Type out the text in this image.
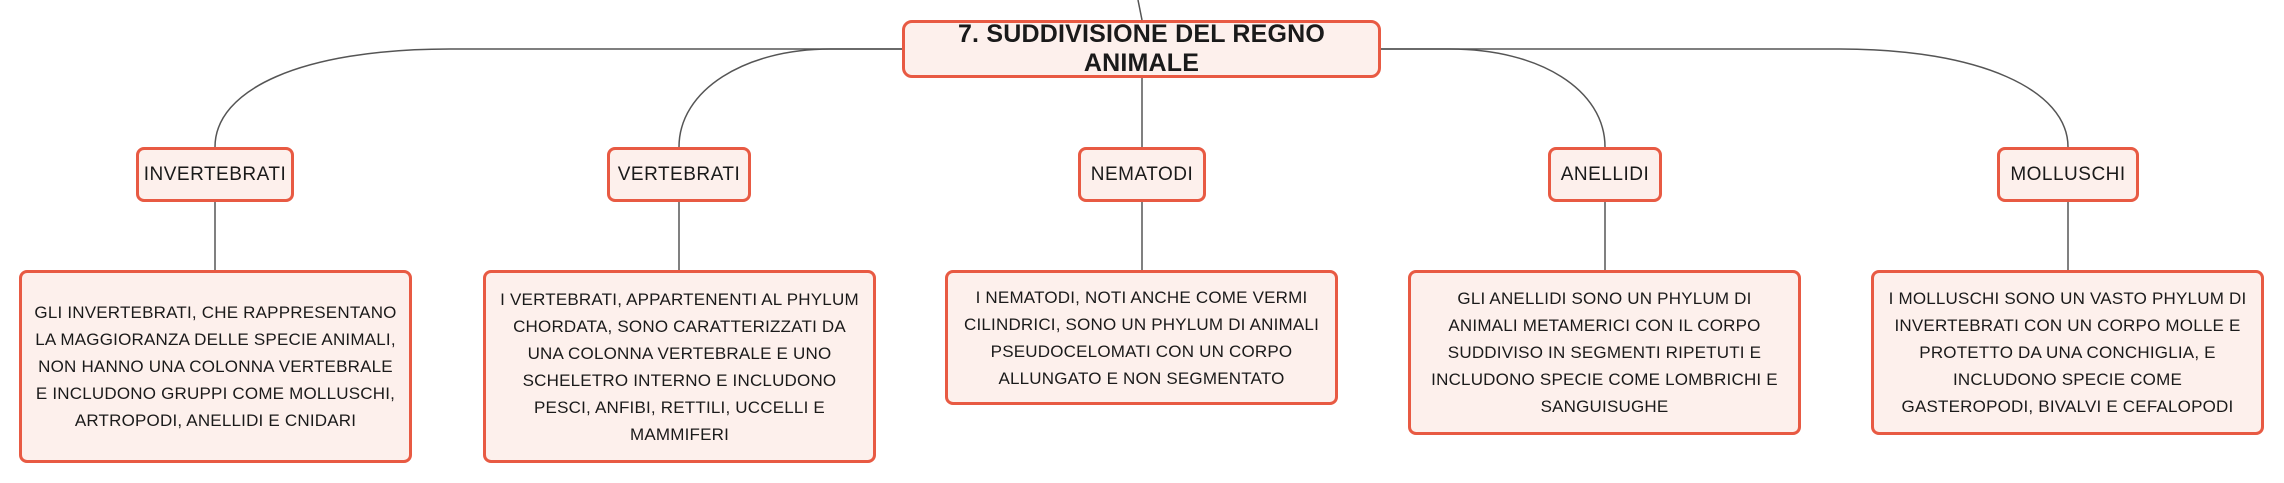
7. SUDDIVISIONE DEL REGNO ANIMALE
INVERTEBRATI	VERTEBRATI	NEMATODI	ANELLIDI	MOLLUSCHI
GLI INVERTEBRATI, CHE RAPPRESENTANO LA MAGGIORANZA DELLE SPECIE ANIMALI, NON HANNO UNA COLONNA VERTEBRALE E INCLUDONO GRUPPI COME MOLLUSCHI, ARTROPODI, ANELLIDI E CNIDARI
I VERTEBRATI, APPARTENENTI AL PHYLUM CHORDATA, SONO CARATTERIZZATI DA UNA COLONNA VERTEBRALE E UNO SCHELETRO INTERNO E INCLUDONO PESCI, ANFIBI, RETTILI, UCCELLI E MAMMIFERI
I NEMATODI, NOTI ANCHE COME VERMI CILINDRICI, SONO UN PHYLUM DI ANIMALI PSEUDOCELOMATI CON UN CORPO ALLUNGATO E NON SEGMENTATO
GLI ANELLIDI SONO UN PHYLUM DI ANIMALI METAMERICI CON IL CORPO SUDDIVISO IN SEGMENTI RIPETUTI E INCLUDONO SPECIE COME LOMBRICHI E SANGUISUGHE
I MOLLUSCHI SONO UN VASTO PHYLUM DI INVERTEBRATI CON UN CORPO MOLLE E PROTETTO DA UNA CONCHIGLIA, E INCLUDONO SPECIE COME GASTEROPODI, BIVALVI E CEFALOPODI
